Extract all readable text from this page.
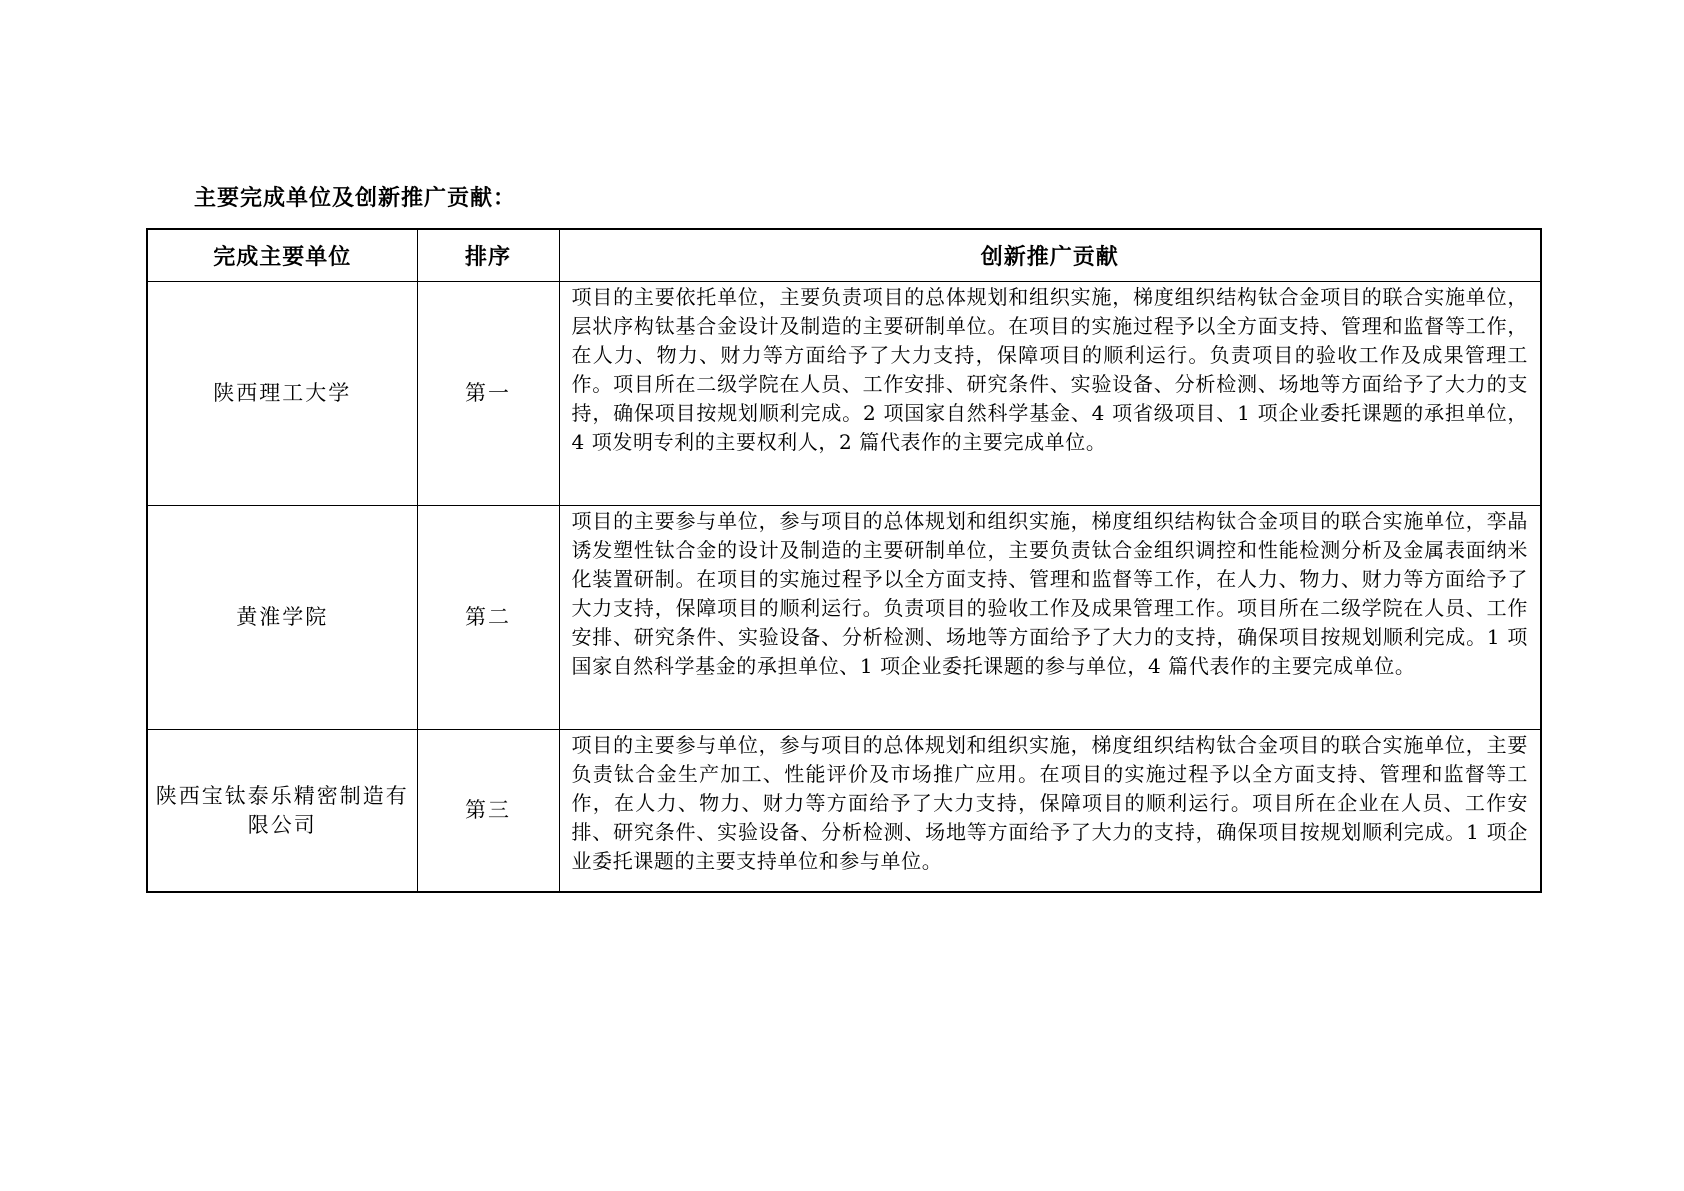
主要完成单位及创新推广贡献：
完成主要单位	排序	创新推广贡献
陕西理工大学	第一	项目的主要依托单位，主要负责项目的总体规划和组织实施，梯度组织结构钛合金项目的联合实施单位，层状序构钛基合金设计及制造的主要研制单位。在项目的实施过程予以全方面支持、管理和监督等工作，在人力、物力、财力等方面给予了大力支持，保障项目的顺利运行。负责项目的验收工作及成果管理工作。项目所在二级学院在人员、工作安排、研究条件、实验设备、分析检测、场地等方面给予了大力的支持，确保项目按规划顺利完成。2 项国家自然科学基金、4 项省级项目、1 项企业委托课题的承担单位，4 项发明专利的主要权利人，2 篇代表作的主要完成单位。
黄淮学院	第二	项目的主要参与单位，参与项目的总体规划和组织实施，梯度组织结构钛合金项目的联合实施单位，孪晶诱发塑性钛合金的设计及制造的主要研制单位，主要负责钛合金组织调控和性能检测分析及金属表面纳米化装置研制。在项目的实施过程予以全方面支持、管理和监督等工作，在人力、物力、财力等方面给予了大力支持，保障项目的顺利运行。负责项目的验收工作及成果管理工作。项目所在二级学院在人员、工作安排、研究条件、实验设备、分析检测、场地等方面给予了大力的支持，确保项目按规划顺利完成。1 项国家自然科学基金的承担单位、1 项企业委托课题的参与单位，4 篇代表作的主要完成单位。
陕西宝钛泰乐精密制造有限公司	第三	项目的主要参与单位，参与项目的总体规划和组织实施，梯度组织结构钛合金项目的联合实施单位，主要负责钛合金生产加工、性能评价及市场推广应用。在项目的实施过程予以全方面支持、管理和监督等工作，在人力、物力、财力等方面给予了大力支持，保障项目的顺利运行。项目所在企业在人员、工作安排、研究条件、实验设备、分析检测、场地等方面给予了大力的支持，确保项目按规划顺利完成。1 项企业委托课题的主要支持单位和参与单位。
